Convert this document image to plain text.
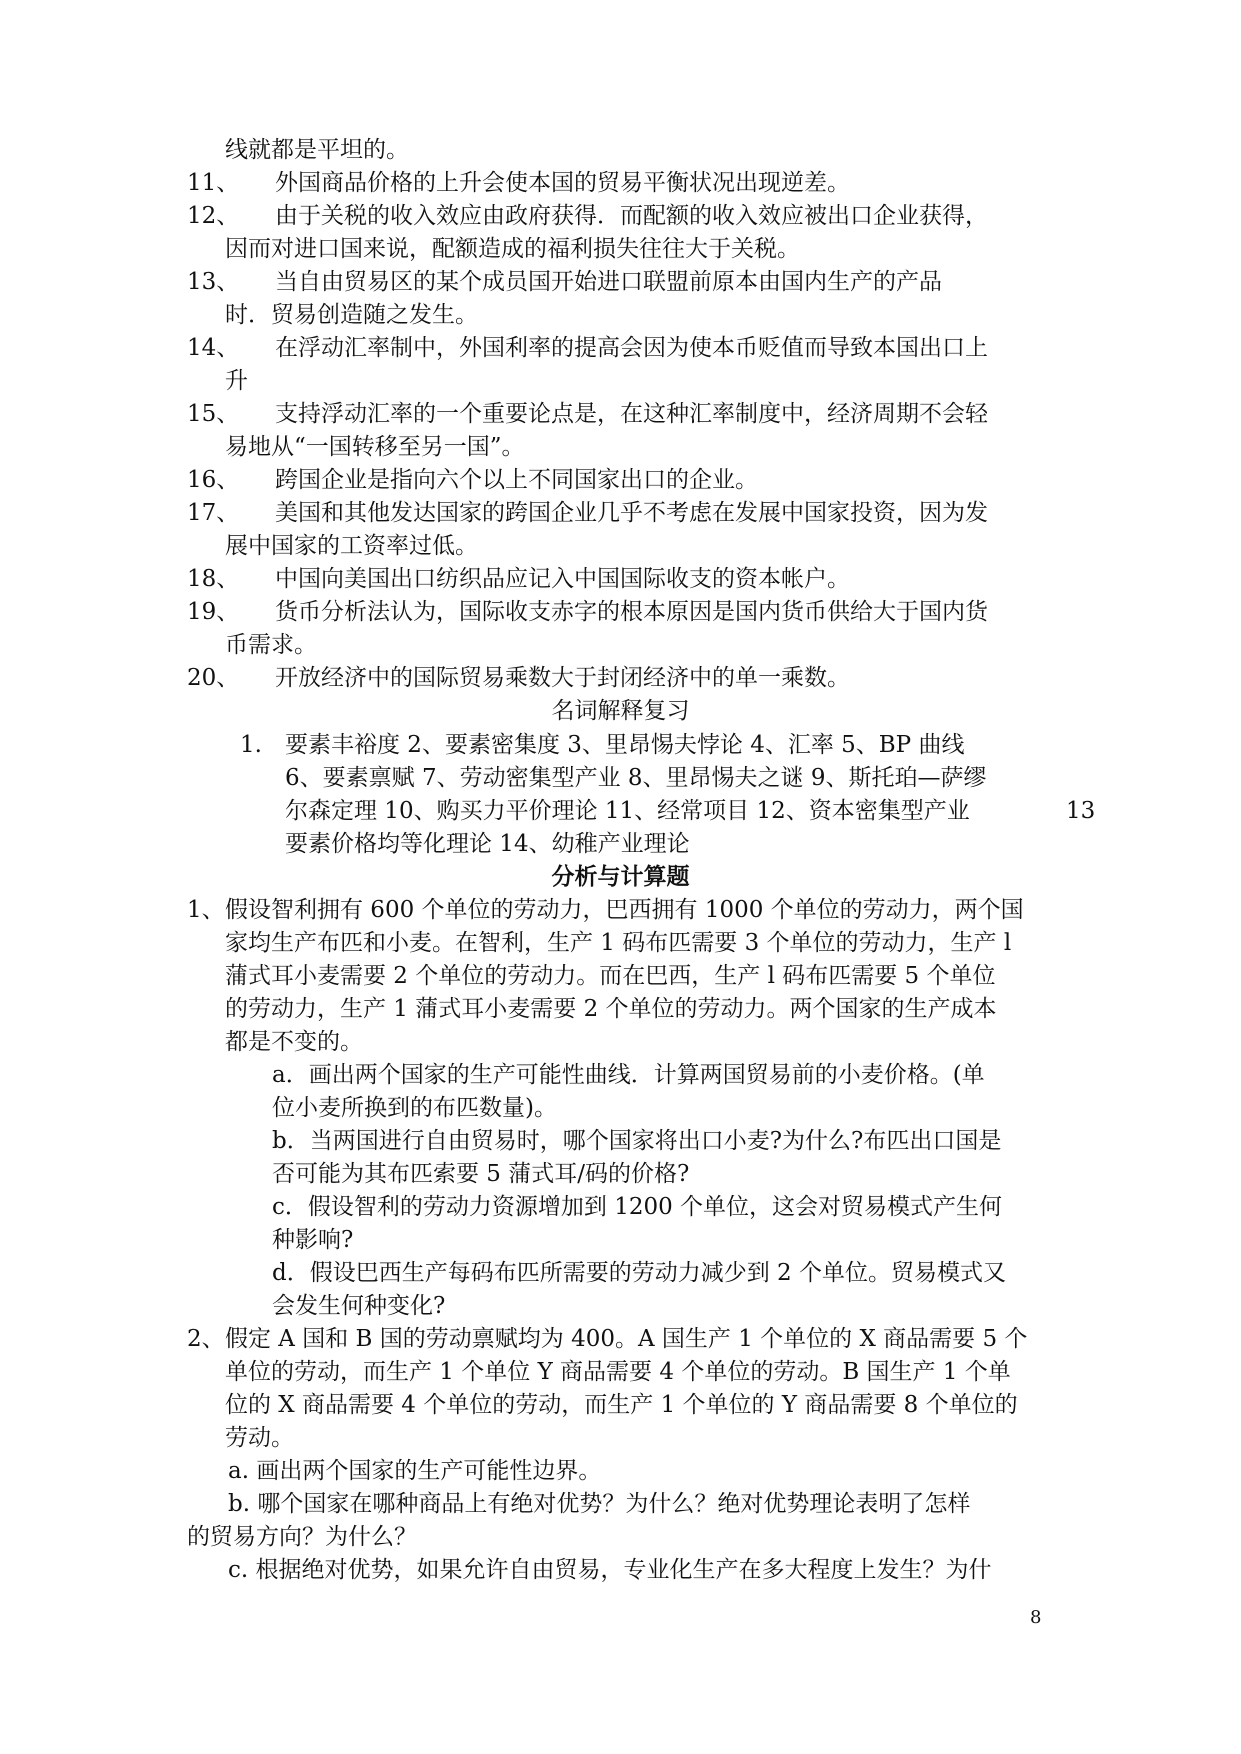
线就都是平坦的。
11、 外国商品价格的上升会使本国的贸易平衡状况出现逆差。
12、 由于关税的收入效应由政府获得．而配额的收入效应被出口企业获得，
因而对进口国来说，配额造成的福利损失往往大于关税。
13、 当自由贸易区的某个成员国开始进口联盟前原本由国内生产的产品
时．贸易创造随之发生。
14、 在浮动汇率制中，外国利率的提高会因为使本币贬值而导致本国出口上
升
15、 支持浮动汇率的一个重要论点是，在这种汇率制度中，经济周期不会轻
易地从“一国转移至另一国”。
16、 跨国企业是指向六个以上不同国家出口的企业。
17、 美国和其他发达国家的跨国企业几乎不考虑在发展中国家投资，因为发
展中国家的工资率过低。
18、 中国向美国出口纺织品应记入中国国际收支的资本帐户。
19、 货币分析法认为，国际收支赤字的根本原因是国内货币供给大于国内货
币需求。
20、 开放经济中的国际贸易乘数大于封闭经济中的单一乘数。
名词解释复习
1. 要素丰裕度 2、要素密集度 3、里昂惕夫悖论 4、汇率 5、BP 曲线
6、要素禀赋 7、劳动密集型产业 8、里昂惕夫之谜 9、斯托珀—萨缪
尔森定理 10、购买力平价理论 11、经常项目 12、资本密集型产业	13
要素价格均等化理论 14、幼稚产业理论
分析与计算题
1、 假设智利拥有 600 个单位的劳动力，巴西拥有 1000 个单位的劳动力，两个国
家均生产布匹和小麦。在智利，生产 1 码布匹需要 3 个单位的劳动力，生产 l
蒲式耳小麦需要 2 个单位的劳动力。而在巴西，生产 l 码布匹需要 5 个单位
的劳动力，生产 1 蒲式耳小麦需要 2 个单位的劳动力。两个国家的生产成本
都是不变的。
a．画出两个国家的生产可能性曲线．计算两国贸易前的小麦价格。(单
位小麦所换到的布匹数量)。
b．当两国进行自由贸易时，哪个国家将出口小麦?为什么?布匹出口国是
否可能为其布匹索要 5 蒲式耳/码的价格?
c．假设智利的劳动力资源增加到 1200 个单位，这会对贸易模式产生何
种影响?
d．假设巴西生产每码布匹所需要的劳动力减少到 2 个单位。贸易模式又
会发生何种变化?
2、 假定 A 国和 B 国的劳动禀赋均为 400。A 国生产 1 个单位的 X 商品需要 5 个
单位的劳动，而生产 1 个单位 Y 商品需要 4 个单位的劳动。B 国生产 1 个单
位的 X 商品需要 4 个单位的劳动，而生产 1 个单位的 Y 商品需要 8 个单位的
劳动。
a. 画出两个国家的生产可能性边界。
b. 哪个国家在哪种商品上有绝对优势？为什么？绝对优势理论表明了怎样
的贸易方向？为什么？
c. 根据绝对优势，如果允许自由贸易，专业化生产在多大程度上发生？为什
8
